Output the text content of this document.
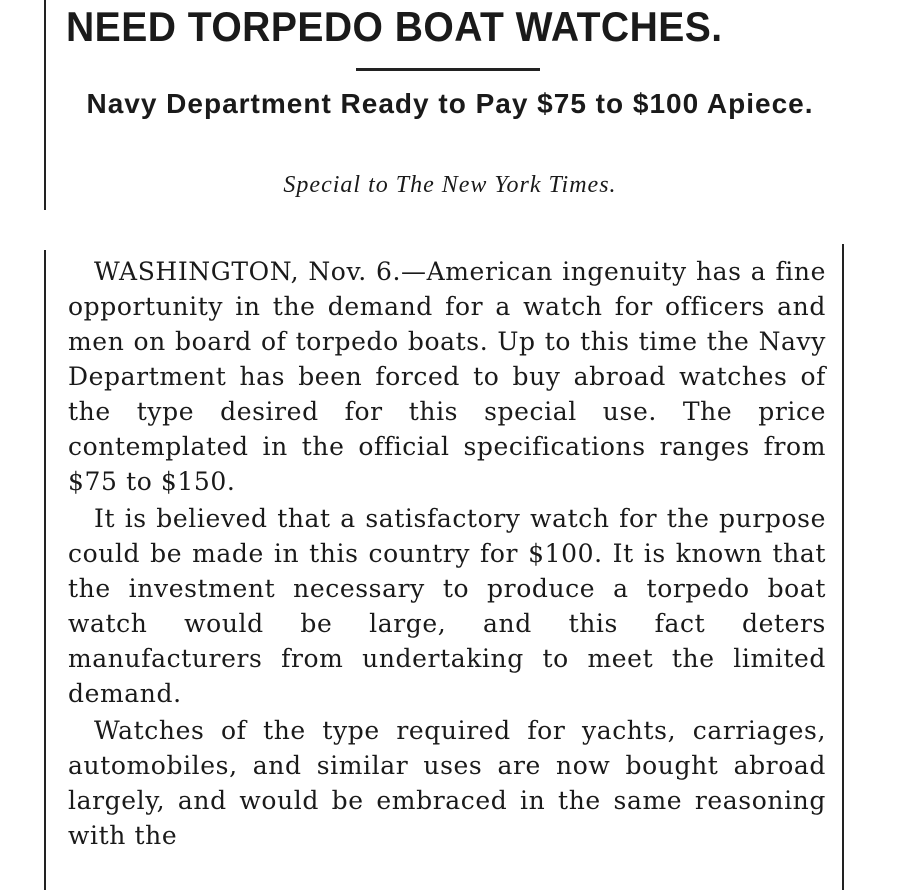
NEED TORPEDO BOAT WATCHES.
Navy Department Ready to Pay $75 to $100 Apiece.

Special to The New York Times.

WASHINGTON, Nov. 6.—American ingenuity has a fine opportunity in the demand for a watch for officers and men on board of torpedo boats. Up to this time the Navy Department has been forced to buy abroad watches of the type desired for this special use. The price contemplated in the official specifications ranges from $75 to $150.

It is believed that a satisfactory watch for the purpose could be made in this country for $100. It is known that the investment necessary to produce a torpedo boat watch would be large, and this fact deters manufacturers from undertaking to meet the limited demand.

Watches of the type required for yachts, carriages, automobiles, and similar uses are now bought abroad largely, and would be embraced in the same reasoning with the
